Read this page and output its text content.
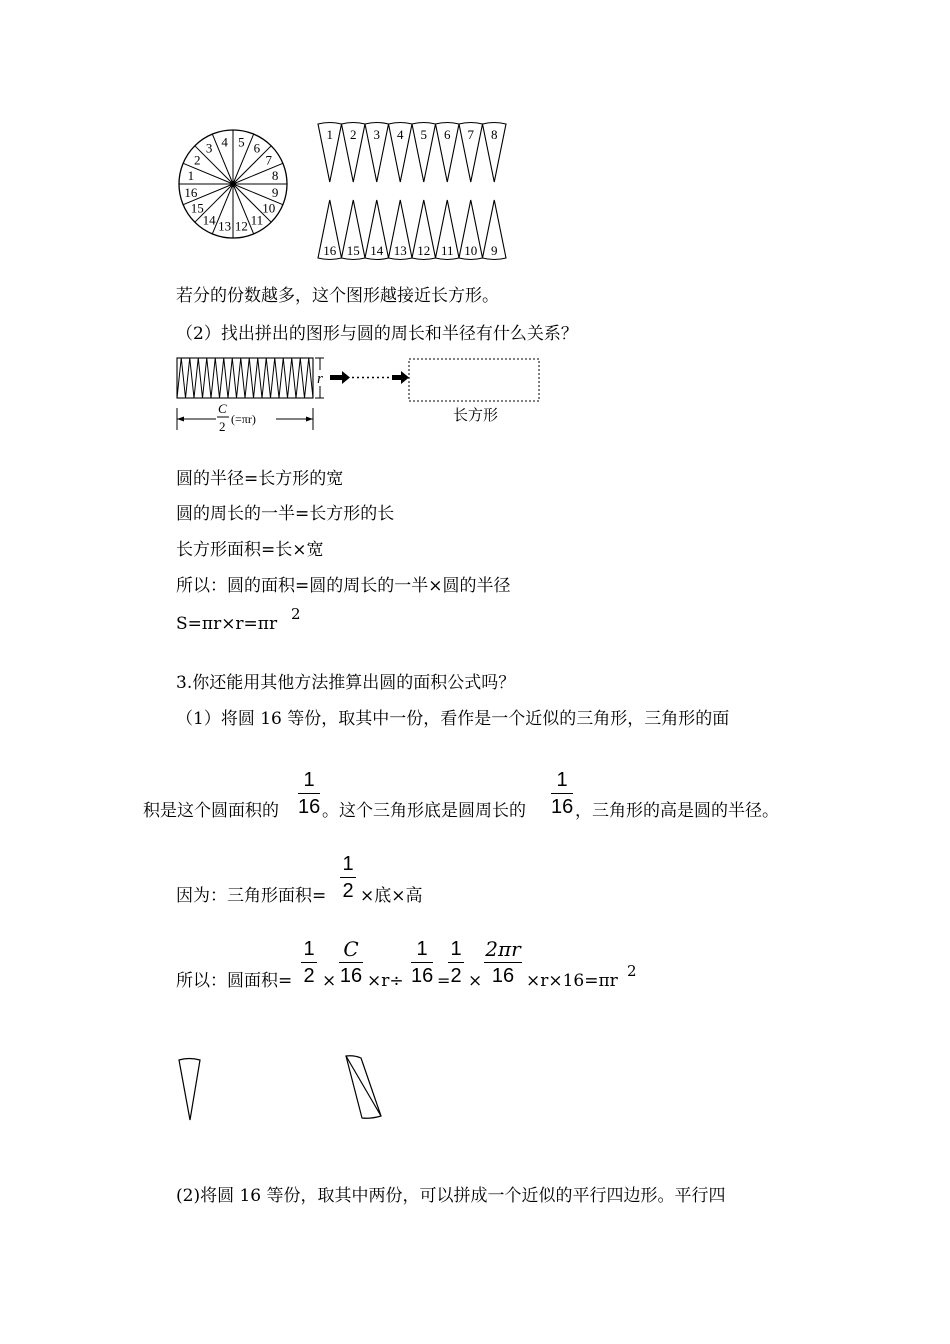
1
2
3 4 5 6
7
8
9
10
11
12
13
14
15
16
1 2 3 4 5 6 7 8
16 15 14 13 12 11 10 9
若分的份数越多，这个图形越接近长方形。
（2）找出拼出的图形与圆的周长和半径有什么关系？
r
长方形
C
2 (=πr)
圆的半径=长方形的宽
圆的周长的一半=长方形的长
长方形面积=长×宽
所以：圆的面积=圆的周长的一半×圆的半径
S=πr×r=πr 2
3.你还能用其他方法推算出圆的面积公式吗？
（1）将圆 16 等份，取其中一份，看作是一个近似的三角形，三角形的面
积是这个圆面积的
1
16 。这个三角形底是圆周长的
1
16 ，三角形的高是圆的半径。
因为：三角形面积=
1
2 ×底×高
所以：圆面积=
1
2 ×
C
16 ×r÷
1
16 =
1
2 ×
2πr
16 ×r×16=πr 2
(2)将圆 16 等份，取其中两份，可以拼成一个近似的平行四边形。平行四
